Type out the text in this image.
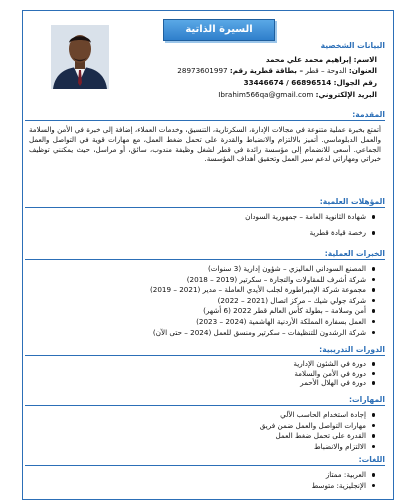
السيرة الذاتية
البيانات الشخصية
الاسم: إبراهيم محمد علي محمد
العنوان: الدوحة – قطر – بطاقة قطرية رقم: 28973601997
رقم الجوال: 66896514 / 33446674
البريد الإلكتروني: Ibrahim566qa@gmail.com
المقدمة:
أتمتع بخبرة عملية متنوعة في مجالات الإدارة، السكرتارية، التنسيق، وخدمات العملاء، إضافة إلى خبرة في الأمن والسلامة والعمل الدبلوماسي. أتميز بالالتزام والانضباط والقدرة على تحمل ضغط العمل، مع مهارات قوية في التواصل والعمل الجماعي. أسعى للانضمام إلى مؤسسة رائدة في قطر لشغل وظيفة مندوب، سائق، أو مراسل، حيث يمكنني توظيف خبراتي ومهاراتي لدعم سير العمل وتحقيق أهداف المؤسسة.
المؤهلات العلمية:
شهادة الثانوية العامة – جمهورية السودان
رخصة قيادة قطرية
الخبرات العملية:
المصنع السوداني الماليزي – شؤون إدارية (3 سنوات)
شركة أشرف للمقاولات والتجارة – سكرتير (2019 – 2018)
مجموعة شركة الإمبراطورة لجلب الأيدي العاملة – مدير (2021 – 2019)
شركة جولي شيك – مركز اتصال (2021 – 2022)
أمن وسلامة – بطولة كأس العالم قطر 2022 (6 أشهر)
العمل بسفارة المملكة الأردنية الهاشمية (2024 – 2023)
شركة الرشدون للتنظيفات – سكرتير ومنسق للعمل (2024 – حتى الآن)
الدورات التدريبية:
دورة في الشئون الإدارية
دورة في الأمن والسلامة
دورة في الهلال الأحمر
المهارات:
إجادة استخدام الحاسب الآلي
مهارات التواصل والعمل ضمن فريق
القدرة على تحمل ضغط العمل
الالتزام والانضباط
اللغات:
العربية: ممتاز
الإنجليزية: متوسط
